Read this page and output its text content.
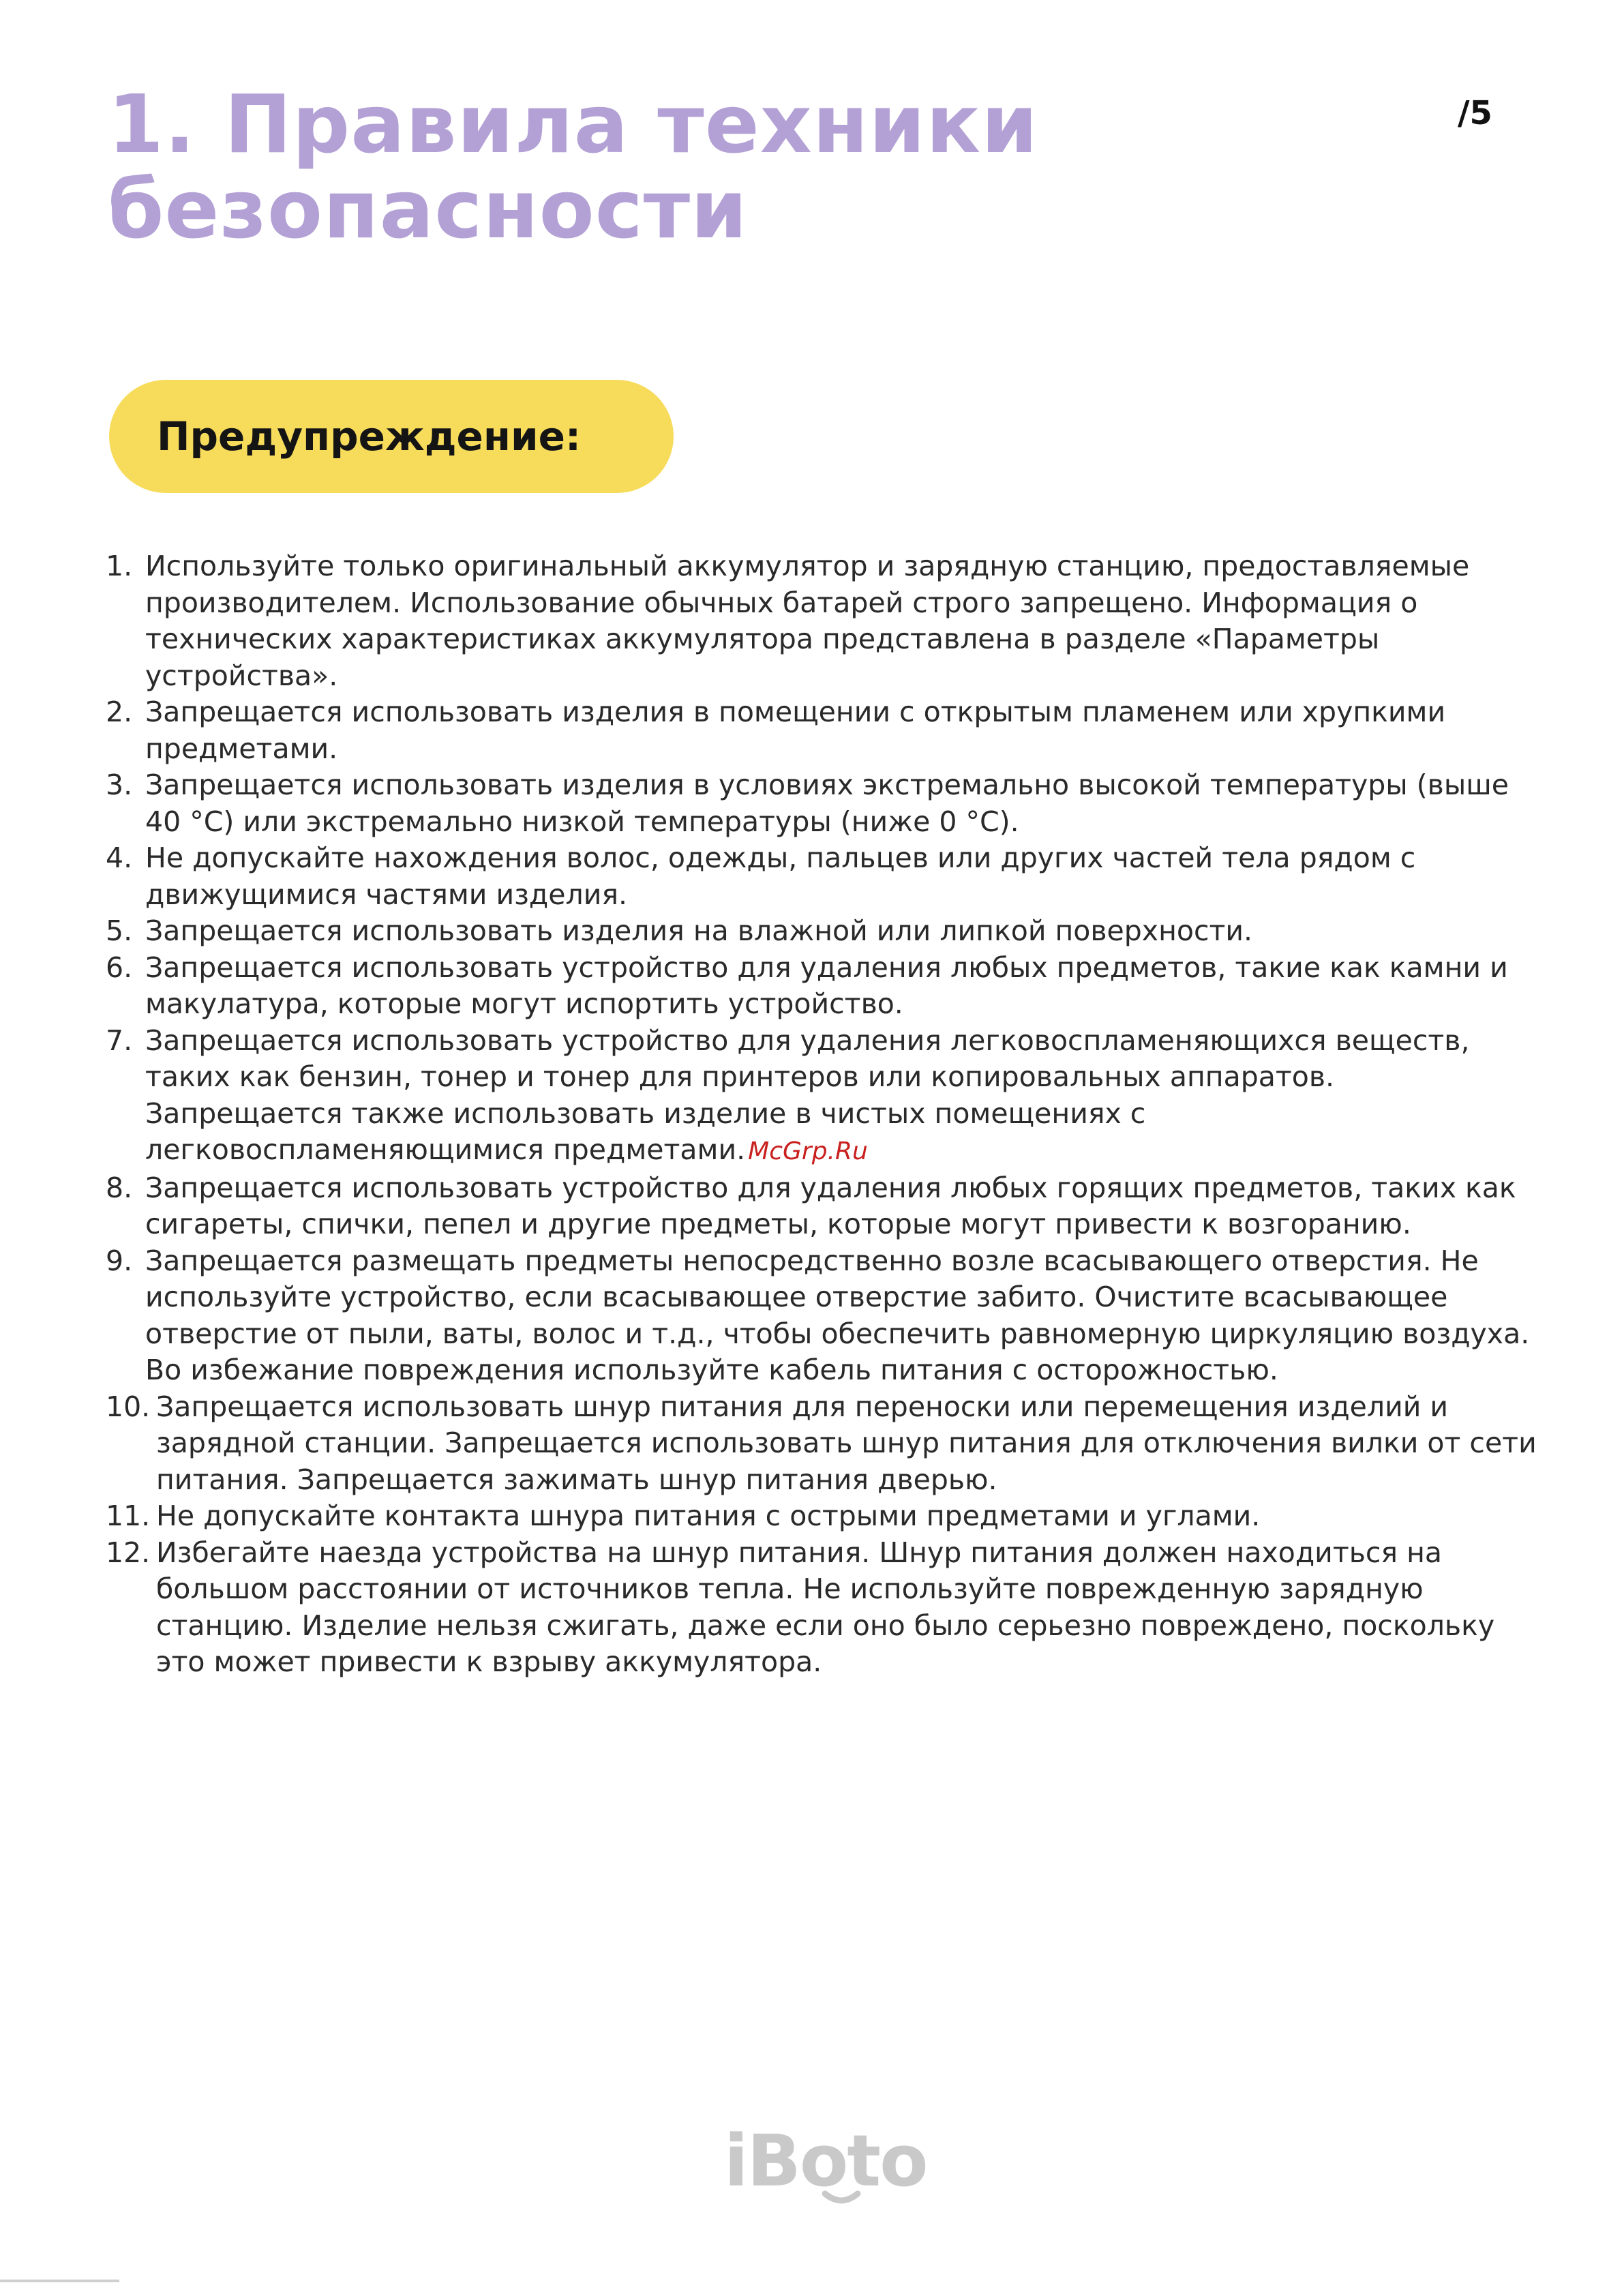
1. Правила техники
безопасности
/5
Предупреждение:
1. Используйте только оригинальный аккумулятор и зарядную станцию, предоставляемые производителем. Использование обычных батарей строго запрещено. Информация о технических характеристиках аккумулятора представлена в разделе «Параметры устройства».
2. Запрещается использовать изделия в помещении с открытым пламенем или хрупкими предметами.
3. Запрещается использовать изделия в условиях экстремально высокой температуры (выше 40 °C) или экстремально низкой температуры (ниже 0 °C).
4. Не допускайте нахождения волос, одежды, пальцев или других частей тела рядом с движущимися частями изделия.
5. Запрещается использовать изделия на влажной или липкой поверхности.
6. Запрещается использовать устройство для удаления любых предметов, такие как камни и макулатура, которые могут испортить устройство.
7. Запрещается использовать устройство для удаления легковоспламеняющихся веществ, таких как бензин, тонер и тонер для принтеров или копировальных аппаратов. Запрещается также использовать изделие в чистых помещениях с легковоспламеняющимися предметами. McGrp.Ru
8. Запрещается использовать устройство для удаления любых горящих предметов, таких как сигареты, спички, пепел и другие предметы, которые могут привести к возгоранию.
9. Запрещается размещать предметы непосредственно возле всасывающего отверстия. Не используйте устройство, если всасывающее отверстие забито. Очистите всасывающее отверстие от пыли, ваты, волос и т.д., чтобы обеспечить равномерную циркуляцию воздуха. Во избежание повреждения используйте кабель питания с осторожностью.
10. Запрещается использовать шнур питания для переноски или перемещения изделий и зарядной станции. Запрещается использовать шнур питания для отключения вилки от сети питания. Запрещается зажимать шнур питания дверью.
11. Не допускайте контакта шнура питания с острыми предметами и углами.
12. Избегайте наезда устройства на шнур питания. Шнур питания должен находиться на большом расстоянии от источников тепла. Не используйте поврежденную зарядную станцию. Изделие нельзя сжигать, даже если оно было серьезно повреждено, поскольку это может привести к взрыву аккумулятора.
iBoto
